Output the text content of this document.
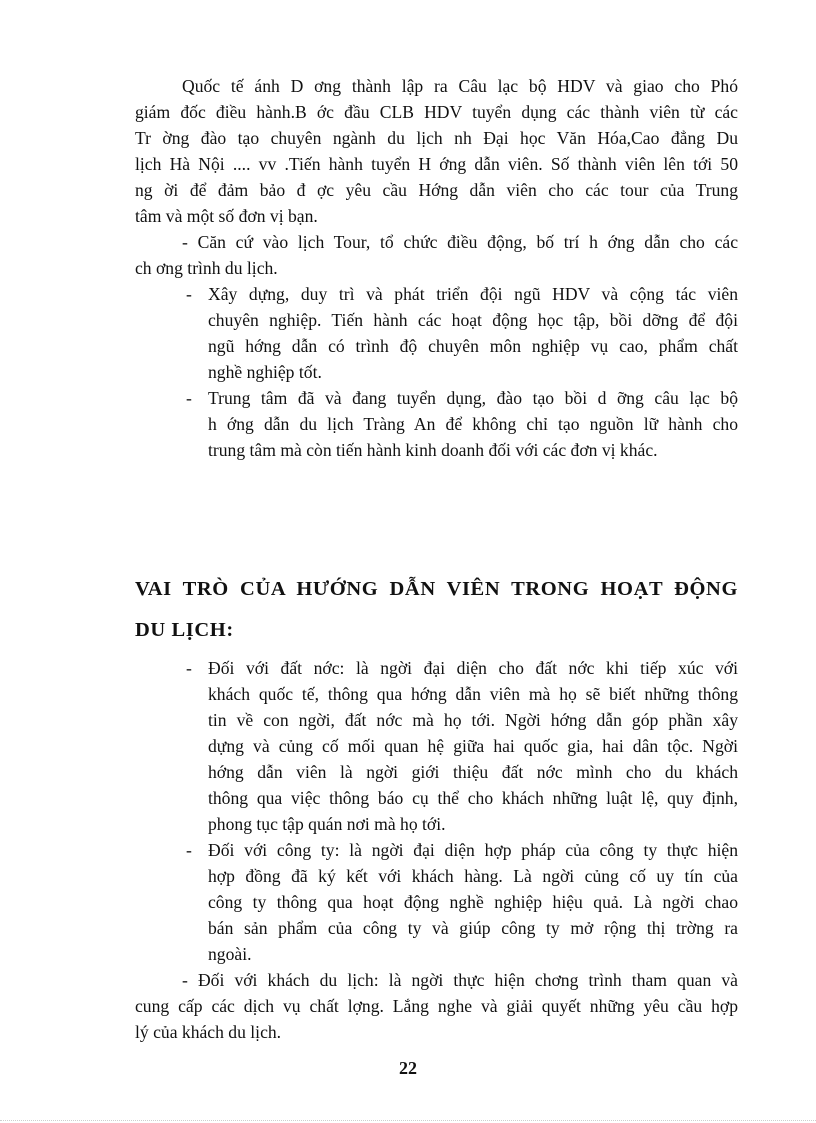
Quốc tế ánh D ơng thành lập ra Câu lạc bộ HDV và giao cho Phó
giám đốc điều hành.B ớc đầu CLB HDV tuyển dụng các thành viên từ các
Tr ờng đào tạo chuyên ngành du lịch nh Đại học Văn Hóa,Cao đẳng Du
lịch Hà Nội .... vv .Tiến hành tuyển H ớng dẫn viên. Số thành viên lên tới 50
ng ời để đảm bảo đ ợc yêu cầu Hớng dẫn viên cho các tour của Trung
tâm và một số đơn vị bạn.
- Căn cứ vào lịch Tour, tổ chức điều động, bố trí h ớng dẫn cho các
ch ơng trình du lịch.
- Xây dựng, duy trì và phát triển đội ngũ HDV và cộng tác viên
chuyên nghiệp. Tiến hành các hoạt động học tập, bồi dỡng để đội
ngũ hớng dẫn có trình độ chuyên môn nghiệp vụ cao, phẩm chất
nghề nghiệp tốt.
- Trung tâm đã và đang tuyển dụng, đào tạo bồi d ỡng câu lạc bộ
h ớng dẫn du lịch Tràng An để không chỉ tạo nguồn lữ hành cho
trung tâm mà còn tiến hành kinh doanh đối với các đơn vị khác.
VAI TRÒ CỦA HƯỚNG DẪN VIÊN TRONG HOẠT ĐỘNG
DU LỊCH:
- Đối với đất nớc: là ngời đại diện cho đất nớc khi tiếp xúc với
khách quốc tế, thông qua hớng dẫn viên mà họ sẽ biết những thông
tin về con ngời, đất nớc mà họ tới. Ngời hớng dẫn góp phần xây
dựng và củng cố mối quan hệ giữa hai quốc gia, hai dân tộc. Ngời
hớng dẫn viên là ngời giới thiệu đất nớc mình cho du khách
thông qua việc thông báo cụ thể cho khách những luật lệ, quy định,
phong tục tập quán nơi mà họ tới.
- Đối với công ty: là ngời đại diện hợp pháp của công ty thực hiện
hợp đồng đã ký kết với khách hàng. Là ngời củng cố uy tín của
công ty thông qua hoạt động nghề nghiệp hiệu quả. Là ngời chao
bán sản phẩm của công ty và giúp công ty mở rộng thị trờng ra
ngoài.
- Đối với khách du lịch: là ngời thực hiện chơng trình tham quan và
cung cấp các dịch vụ chất lợng. Lắng nghe và giải quyết những yêu cầu hợp
lý của khách du lịch.
22
